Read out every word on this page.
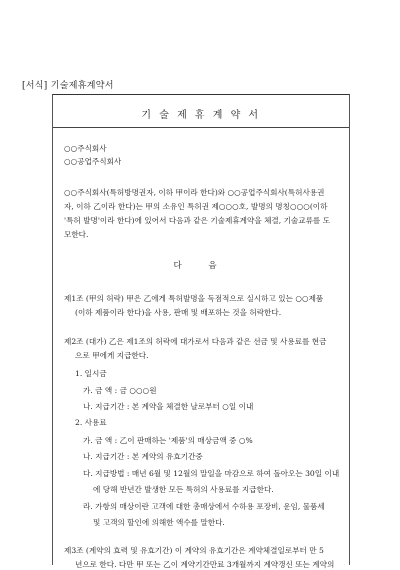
[서식] 기술제휴계약서
기 술 제 휴 계 약 서
○○주식회사
○○공업주식회사
○○주식회사(특허방명권자, 이하 甲이라 한다)와 ○○공업주식회사(특허사용권
자, 이하 乙이라 한다)는 甲의 소유인 특허권 제○○○호, 발명의 명칭○○○(이하
'특허 발명'이라 한다)에 있어서 다음과 같은 기술제휴계약을 체결, 기술교류를 도
모한다.
다 음
제1조 (甲의 허락) 甲은 乙에게 특허발명을 독점적으로 실시하고 있는 ○○제품
(이하 제품이라 한다)을 사용, 판매 및 배포하는 것을 허락한다.
제2조 (대가) 乙은 제1조의 허락에 대가로서 다음과 같은 선금 및 사용료를 현금
으로 甲에게 지급한다.
1. 일시금
가. 금 액 : 금 ○○○원
나. 지급기간 : 본 계약을 체결한 날로부터 ○일 이내
2. 사용료
가. 금 액 : 乙이 판매하는 '제품'의 매상금액 중 ○%
나. 지급기간 : 본 계약의 유효기간중
다. 지급방법 : 매년 6월 및 12월의 말일을 마감으로 하여 돌아오는 30일 이내
에 당해 반년간 발생한 모든 특허의 사용료를 지급한다.
라. 가항의 매상이란 고객에 대한 총매상에서 수하용 포장비, 운임, 물품세
및 고객의 할인에 의해한 액수를 말한다.
제3조 (계약의 효력 및 유효기간) 이 계약의 유효기간은 계약체결일로부터 만 5
년으로 한다. 다만 甲 또는 乙이 계약기간만료 3개월까지 계약갱신 또는 계약의
